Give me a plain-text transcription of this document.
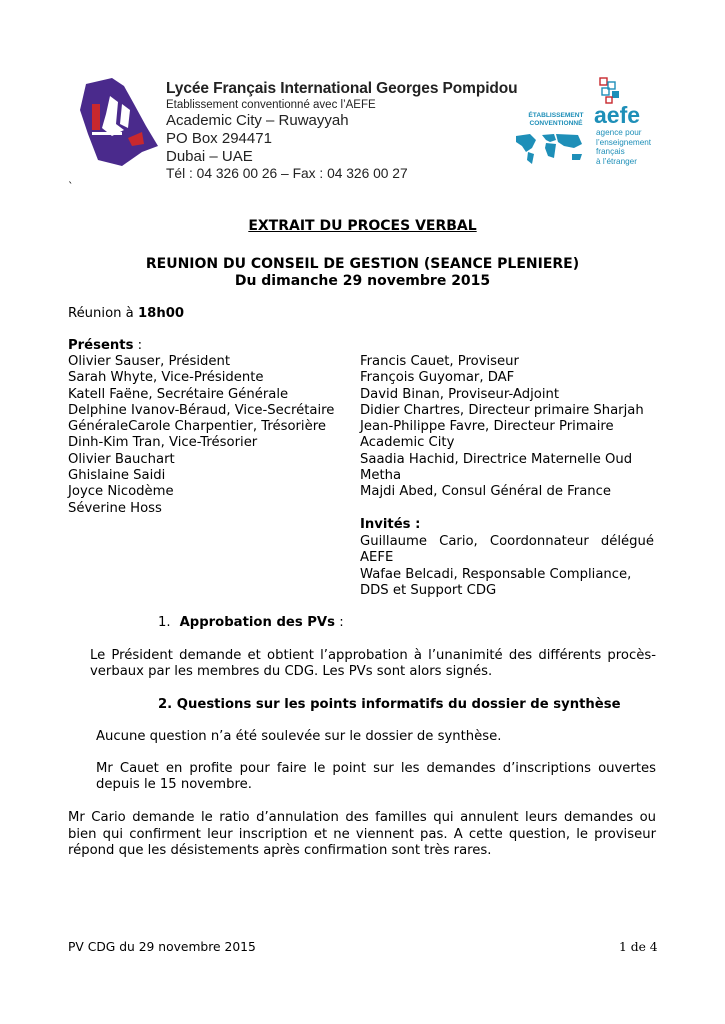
Lycée Français International Georges Pompidou
Etablissement conventionné avec l’AEFE
Academic City – Ruwayyah
PO Box 294471
Dubai – UAE
Tél : 04 326 00 26 – Fax : 04 326 00 27
ÉTABLISSEMENT
CONVENTIONNÉ aefe
agence pour
l’enseignement
français
à l’étranger
`
EXTRAIT DU PROCES VERBAL
REUNION DU CONSEIL DE GESTION (SEANCE PLENIERE)
Du dimanche 29 novembre 2015
Réunion à 18h00
Présents :
Olivier Sauser, Président
Sarah Whyte, Vice-Présidente
Katell Faëne, Secrétaire Générale
Delphine Ivanov-Béraud, Vice-Secrétaire
GénéraleCarole Charpentier, Trésorière
Dinh-Kim Tran, Vice-Trésorier
Olivier Bauchart
Ghislaine Saidi
Joyce Nicodème
Séverine Hoss
Francis Cauet, Proviseur
François Guyomar, DAF
David Binan, Proviseur-Adjoint
Didier Chartres, Directeur primaire Sharjah
Jean-Philippe Favre, Directeur Primaire
Academic City
Saadia Hachid, Directrice Maternelle Oud
Metha
Majdi Abed, Consul Général de France
Invités :
Guillaume Cario, Coordonnateur délégué
AEFE
Wafae Belcadi, Responsable Compliance,
DDS et Support CDG
1. Approbation des PVs :
Le Président demande et obtient l’approbation à l’unanimité des différents procès-
verbaux par les membres du CDG. Les PVs sont alors signés.
2. Questions sur les points informatifs du dossier de synthèse
Aucune question n’a été soulevée sur le dossier de synthèse.
Mr Cauet en profite pour faire le point sur les demandes d’inscriptions ouvertes
depuis le 15 novembre.
Mr Cario demande le ratio d’annulation des familles qui annulent leurs demandes ou
bien qui confirment leur inscription et ne viennent pas. A cette question, le proviseur
répond que les désistements après confirmation sont très rares.
PV CDG du 29 novembre 2015	1 de 4
